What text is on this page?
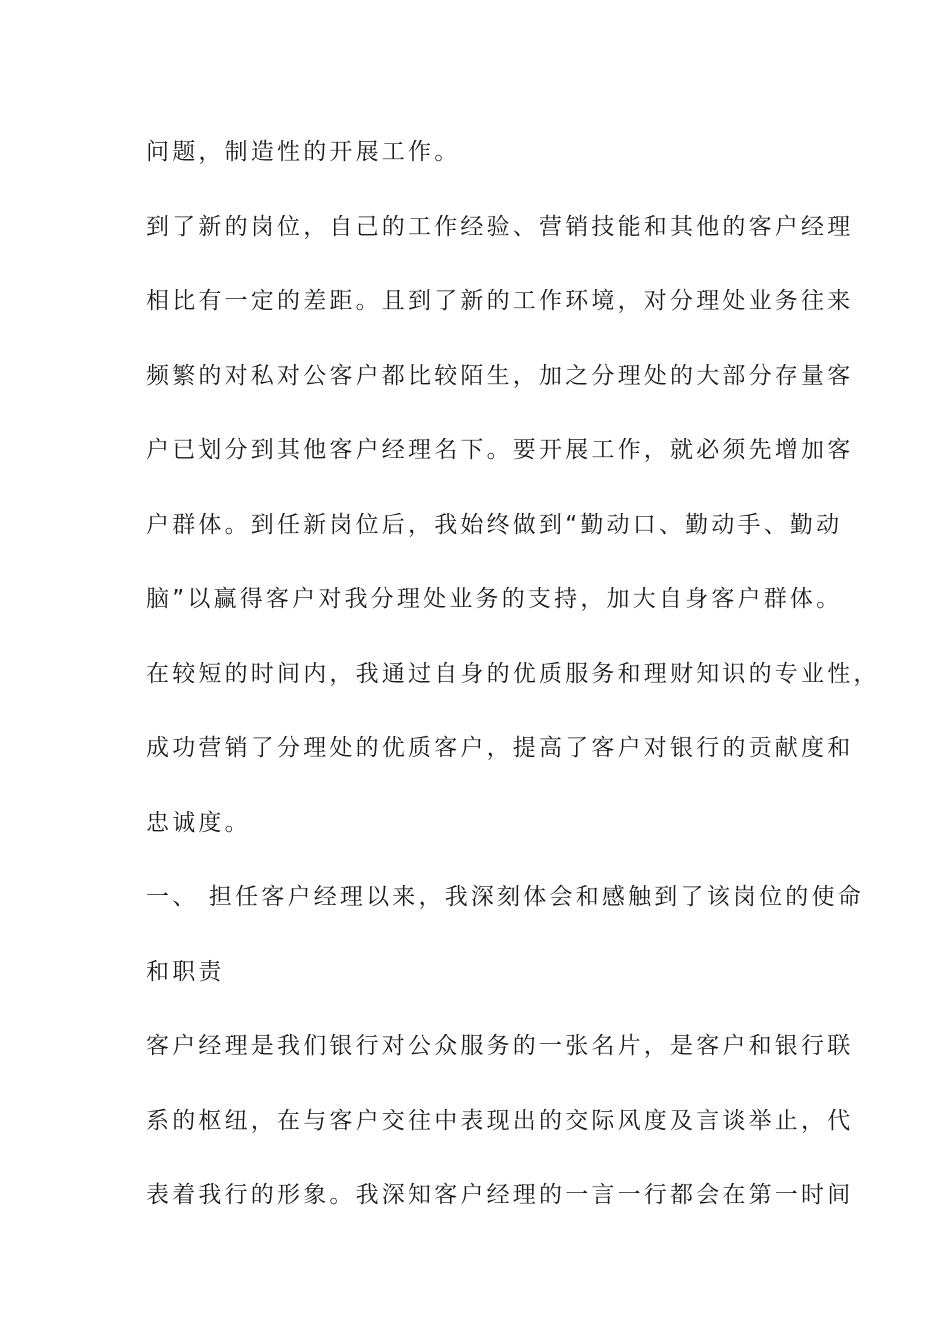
问题，制造性的开展工作。
到了新的岗位，自己的工作经验、营销技能和其他的客户经理
相比有一定的差距。且到了新的工作环境，对分理处业务往来
频繁的对私对公客户都比较陌生，加之分理处的大部分存量客
户已划分到其他客户经理名下。要开展工作，就必须先增加客
户群体。到任新岗位后，我始终做到“勤动口、勤动手、勤动
脑”以赢得客户对我分理处业务的支持，加大自身客户群体。
在较短的时间内，我通过自身的优质服务和理财知识的专业性，
成功营销了分理处的优质客户，提高了客户对银行的贡献度和
忠诚度。
一、 担任客户经理以来，我深刻体会和感触到了该岗位的使命
和职责
客户经理是我们银行对公众服务的一张名片，是客户和银行联
系的枢纽，在与客户交往中表现出的交际风度及言谈举止，代
表着我行的形象。我深知客户经理的一言一行都会在第一时间
